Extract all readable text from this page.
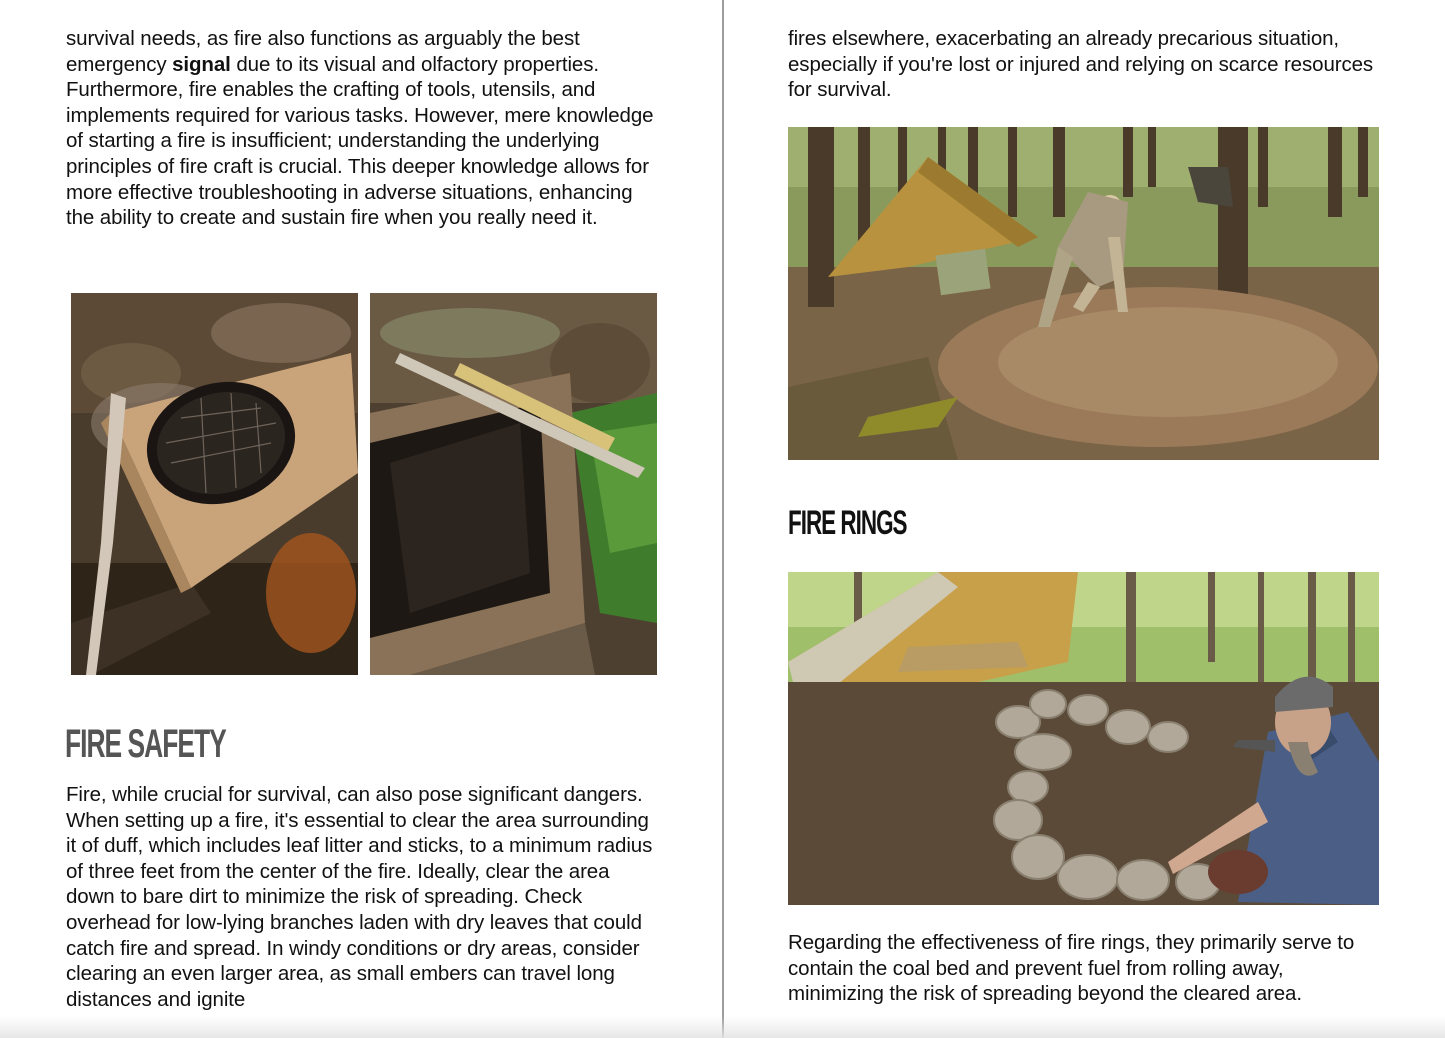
survival needs, as fire also functions as arguably the best emergency signal due to its visual and olfactory properties. Furthermore, fire enables the crafting of tools, utensils, and implements required for various tasks. However, mere knowledge of starting a fire is insufficient; understanding the underlying principles of fire craft is crucial. This deeper knowledge allows for more effective troubleshooting in adverse situations, enhancing the ability to create and sustain fire when you really need it.

FIRE SAFETY

Fire, while crucial for survival, can also pose significant dangers. When setting up a fire, it's essential to clear the area surrounding it of duff, which includes leaf litter and sticks, to a minimum radius of three feet from the center of the fire. Ideally, clear the area down to bare dirt to minimize the risk of spreading. Check overhead for low-lying branches laden with dry leaves that could catch fire and spread. In windy conditions or dry areas, consider clearing an even larger area, as small embers can travel long distances and ignite

fires elsewhere, exacerbating an already precarious situation, especially if you're lost or injured and relying on scarce resources for survival.

FIRE RINGS

Regarding the effectiveness of fire rings, they primarily serve to contain the coal bed and prevent fuel from rolling away, minimizing the risk of spreading beyond the cleared area.
